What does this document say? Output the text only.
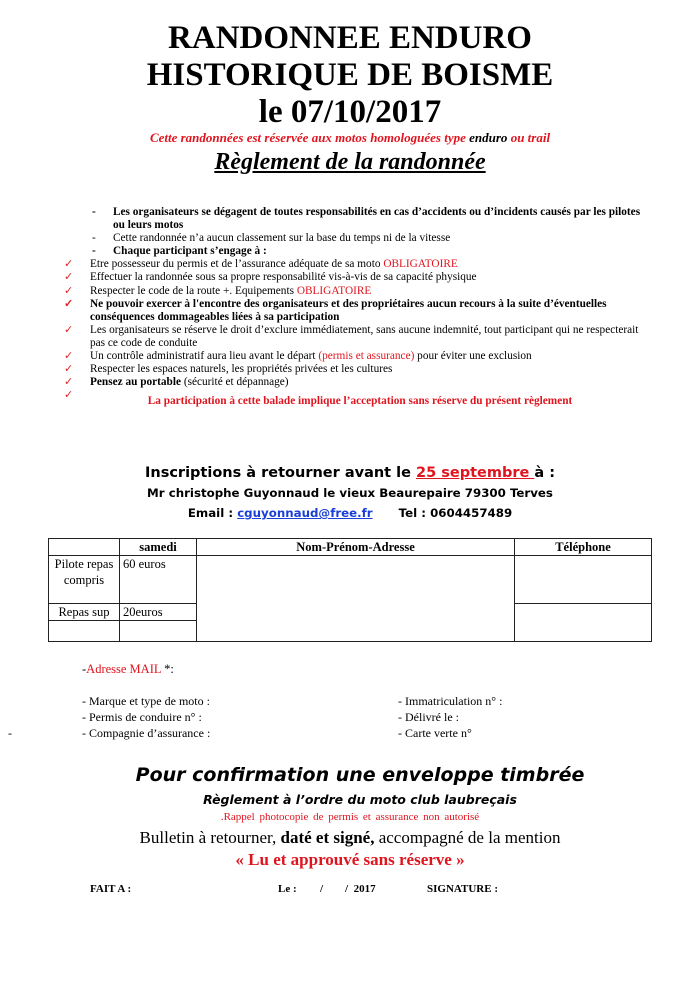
RANDONNEE ENDURO
HISTORIQUE DE BOISME
le 07/10/2017
Cette randonnées est réservée aux motos homologuées type enduro ou trail
Règlement de la randonnée
- Les organisateurs se dégagent de toutes responsabilités en cas d’accidents ou d’incidents causés par les pilotes ou leurs motos
- Cette randonnée n’a aucun classement sur la base du temps ni de la vitesse
- Chaque participant s’engage à :
✓ Etre possesseur du permis et de l’assurance adéquate de sa moto OBLIGATOIRE
✓ Effectuer la randonnée sous sa propre responsabilité vis-à-vis de sa capacité physique
✓ Respecter le code de la route +. Equipements OBLIGATOIRE
✓ Ne pouvoir exercer à l'encontre des organisateurs et des propriétaires aucun recours à la suite d’éventuelles conséquences dommageables liées à sa participation
✓ Les organisateurs se réserve le droit d’exclure immédiatement, sans aucune indemnité, tout participant qui ne respecterait pas ce code de conduite
✓ Un contrôle administratif aura lieu avant le départ (permis et assurance) pour éviter une exclusion
✓ Respecter les espaces naturels, les propriétés privées et les cultures
✓ Pensez au portable (sécurité et dépannage)
✓	La participation à cette balade implique l’acceptation sans réserve du présent règlement
Inscriptions à retourner avant le 25 septembre à :
Mr christophe Guyonnaud le vieux Beaurepaire 79300 Terves
Email : cguyonnaud@free.fr Tel : 0604457489
	samedi	Nom-Prénom-Adresse	Téléphone
Pilote repas compris	60 euros		
Repas sup	20euros		

-Adresse MAIL *:
- Marque et type de moto :
- Permis de conduire n° :
- Compagnie d’assurance :
- Immatriculation n° :
- Délivré le :
- Carte verte n°
-
Pour confirmation une enveloppe timbrée
Règlement à l’ordre du moto club laubreçais
.Rappel photocopie de permis et assurance non autorisé
Bulletin à retourner, daté et signé, accompagné de la mention
« Lu et approuvé sans réserve »
FAIT A :	Le : /        /  2017	SIGNATURE :
